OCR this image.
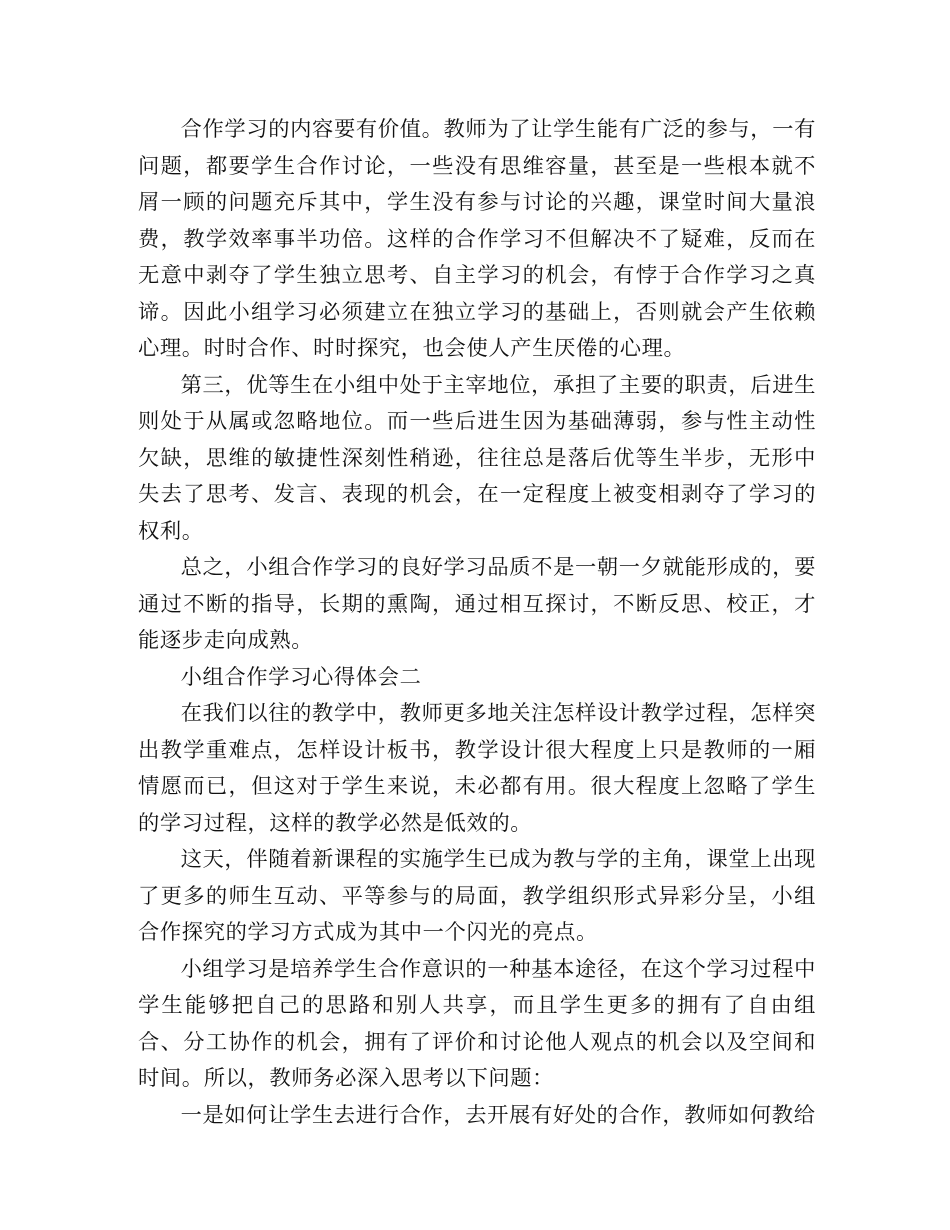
合作学习的内容要有价值。教师为了让学生能有广泛的参与，一有问题，都要学生合作讨论，一些没有思维容量，甚至是一些根本就不屑一顾的问题充斥其中，学生没有参与讨论的兴趣，课堂时间大量浪费，教学效率事半功倍。这样的合作学习不但解决不了疑难，反而在无意中剥夺了学生独立思考、自主学习的机会，有悖于合作学习之真谛。因此小组学习必须建立在独立学习的基础上，否则就会产生依赖心理。时时合作、时时探究，也会使人产生厌倦的心理。

第三，优等生在小组中处于主宰地位，承担了主要的职责，后进生则处于从属或忽略地位。而一些后进生因为基础薄弱，参与性主动性欠缺，思维的敏捷性深刻性稍逊，往往总是落后优等生半步，无形中失去了思考、发言、表现的机会，在一定程度上被变相剥夺了学习的权利。

总之，小组合作学习的良好学习品质不是一朝一夕就能形成的，要通过不断的指导，长期的熏陶，通过相互探讨，不断反思、校正，才能逐步走向成熟。

小组合作学习心得体会二

在我们以往的教学中，教师更多地关注怎样设计教学过程，怎样突出教学重难点，怎样设计板书，教学设计很大程度上只是教师的一厢情愿而已，但这对于学生来说，未必都有用。很大程度上忽略了学生的学习过程，这样的教学必然是低效的。

这天，伴随着新课程的实施学生已成为教与学的主角，课堂上出现了更多的师生互动、平等参与的局面，教学组织形式异彩分呈，小组合作探究的学习方式成为其中一个闪光的亮点。

小组学习是培养学生合作意识的一种基本途径，在这个学习过程中学生能够把自己的思路和别人共享，而且学生更多的拥有了自由组合、分工协作的机会，拥有了评价和讨论他人观点的机会以及空间和时间。所以，教师务必深入思考以下问题：

一是如何让学生去进行合作，去开展有好处的合作，教师如何教给
